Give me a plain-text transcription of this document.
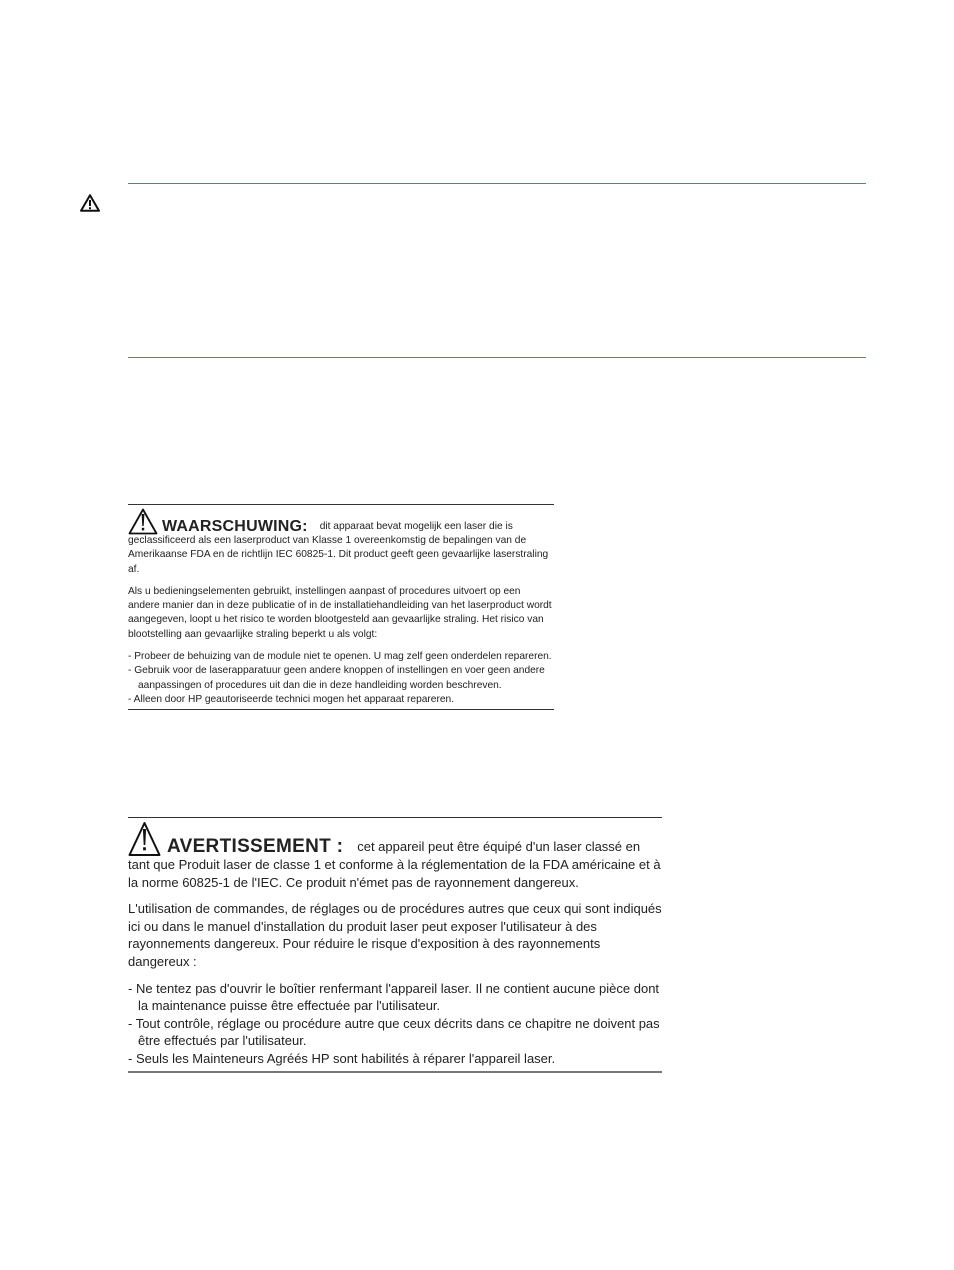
WAARSCHUWING: dit apparaat bevat mogelijk een laser die is

geclassificeerd als een laserproduct van Klasse 1 overeenkomstig de bepalingen van de Amerikaanse FDA en de richtlijn IEC 60825-1. Dit product geeft geen gevaarlijke laserstraling af.

Als u bedieningselementen gebruikt, instellingen aanpast of procedures uitvoert op een andere manier dan in deze publicatie of in de installatiehandleiding van het laserproduct wordt aangegeven, loopt u het risico te worden blootgesteld aan gevaarlijke straling. Het risico van blootstelling aan gevaarlijke straling beperkt u als volgt:

- Probeer de behuizing van de module niet te openen. U mag zelf geen onderdelen repareren.

- Gebruik voor de laserapparatuur geen andere knoppen of instellingen en voer geen andere aanpassingen of procedures uit dan die in deze handleiding worden beschreven.

- Alleen door HP geautoriseerde technici mogen het apparaat repareren.

AVERTISSEMENT : cet appareil peut être équipé d'un laser classé en

tant que Produit laser de classe 1 et conforme à la réglementation de la FDA américaine et à la norme 60825-1 de l'IEC. Ce produit n'émet pas de rayonnement dangereux.

L'utilisation de commandes, de réglages ou de procédures autres que ceux qui sont indiqués ici ou dans le manuel d'installation du produit laser peut exposer l'utilisateur à des rayonnements dangereux. Pour réduire le risque d'exposition à des rayonnements dangereux :

- Ne tentez pas d'ouvrir le boîtier renfermant l'appareil laser. Il ne contient aucune pièce dont la maintenance puisse être effectuée par l'utilisateur.

- Tout contrôle, réglage ou procédure autre que ceux décrits dans ce chapitre ne doivent pas être effectués par l'utilisateur.

- Seuls les Mainteneurs Agréés HP sont habilités à réparer l'appareil laser.
